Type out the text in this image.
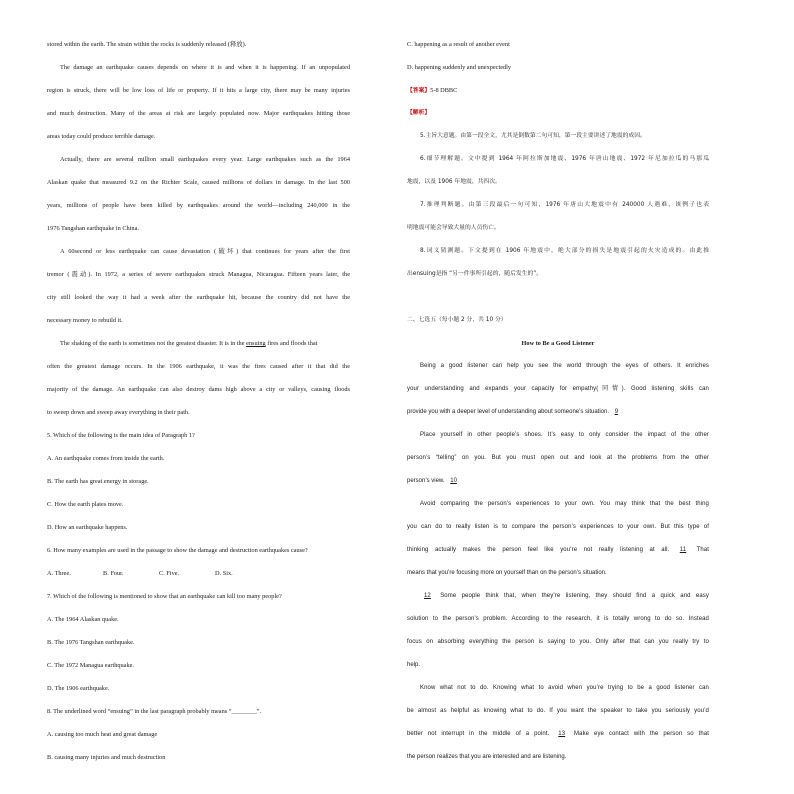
stored within the earth. The strain within the rocks is suddenly released (释放).
The damage an earthquake causes depends on where it is and when it is happening. If an unpopulated
region is struck, there will be low loss of life or property. If it hits a large city, there may be many injuries
and much destruction. Many of the areas at risk are largely populated now. Major earthquakes hitting those
areas today could produce terrible damage.
Actually, there are several million small earthquakes every year. Large earthquakes such as the 1964
Alaskan quake that measured 9.2 on the Richter Scale, caused millions of dollars in damage. In the last 500
years, millions of people have been killed by earthquakes around the world—including 240,000 in the
1976 Tangshan earthquake in China.
A 60second or less earthquake can cause devastation (破坏) that continues for years after the first
tremor (震动). In 1972, a series of severe earthquakes struck Managua, Nicaragua. Fifteen years later, the
city still looked the way it had a week after the earthquake hit, because the country did not have the
necessary money to rebuild it.
The shaking of the earth is sometimes not the greatest disaster. It is in the ensuing fires and floods that
often the greatest damage occurs. In the 1906 earthquake, it was the fires caused after it that did the
majority of the damage. An earthquake can also destroy dams high above a city or valleys, causing floods
to sweep down and sweep away everything in their path.
5. Which of the following is the main idea of Paragraph 1?
A. An earthquake comes from inside the earth.
B. The earth has great energy in storage.
C. How the earth plates move.
D. How an earthquake happens.
6. How many examples are used in the passage to show the damage and destruction earthquakes cause?
A. Three.	B. Four.	C. Five.	D. Six.
7. Which of the following is mentioned to show that an earthquake can kill too many people?
A. The 1964 Alaskan quake.
B. The 1976 Tangshan earthquake.
C. The 1972 Managua earthquake.
D. The 1906 earthquake.
8. The underlined word “ensuing” in the last paragraph probably means “________”.
A. causing too much heat and great damage
B. causing many injuries and much destruction
C. happening as a result of another event
D. happening suddenly and unexpectedly
【答案】5-8 DBBC
【解析】
5.主旨大意题。由第一段全文，尤其是倒数第二句可知，第一段主要讲述了地震的成因。
6.细节理解题。文中提到 1964 年阿拉斯加地震、1976 年唐山地震、1972 年尼加拉瓜的马那瓜
地震，以及 1906 年地震，共四次。
7.推理判断题。由第三段最后一句可知，1976 年唐山大地震中有 240000 人遇难，该例子也表
明地震可能会导致大量的人员伤亡。
8.词义猜测题。下文提到在 1906 年地震中，绝大部分的损失是地震引起的火灾造成的。由此推
出ensuing是指 “另一件事所引起的，随后发生的”。
二、七选五（每小题 2 分，共 10 分）
How to Be a Good Listener
Being a good listener can help you see the world through the eyes of others. It enriches
your understanding and expands your capacity for empathy(同情). Good listening skills can
provide you with a deeper level of understanding about someone’s situation. 9
Place yourself in other people’s shoes. It’s easy to only consider the impact of the other
person’s “telling” on you. But you must open out and look at the problems from the other
person’s view. 10
Avoid comparing the person’s experiences to your own. You may think that the best thing
you can do to really listen is to compare the person’s experiences to your own. But this type of
thinking actually makes the person feel like you’re not really listening at all. 11 That
means that you’re focusing more on yourself than on the person’s situation.
12 Some people think that, when they’re listening, they should find a quick and easy
solution to the person’s problem. According to the research, it is totally wrong to do so. Instead
focus on absorbing everything the person is saying to you. Only after that can you really try to
help.
Know what not to do. Knowing what to avoid when you’re trying to be a good listener can
be almost as helpful as knowing what to do. If you want the speaker to take you seriously you’d
better not interrupt in the middle of a point. 13 Make eye contact with the person so that
the person realizes that you are interested and are listening.
